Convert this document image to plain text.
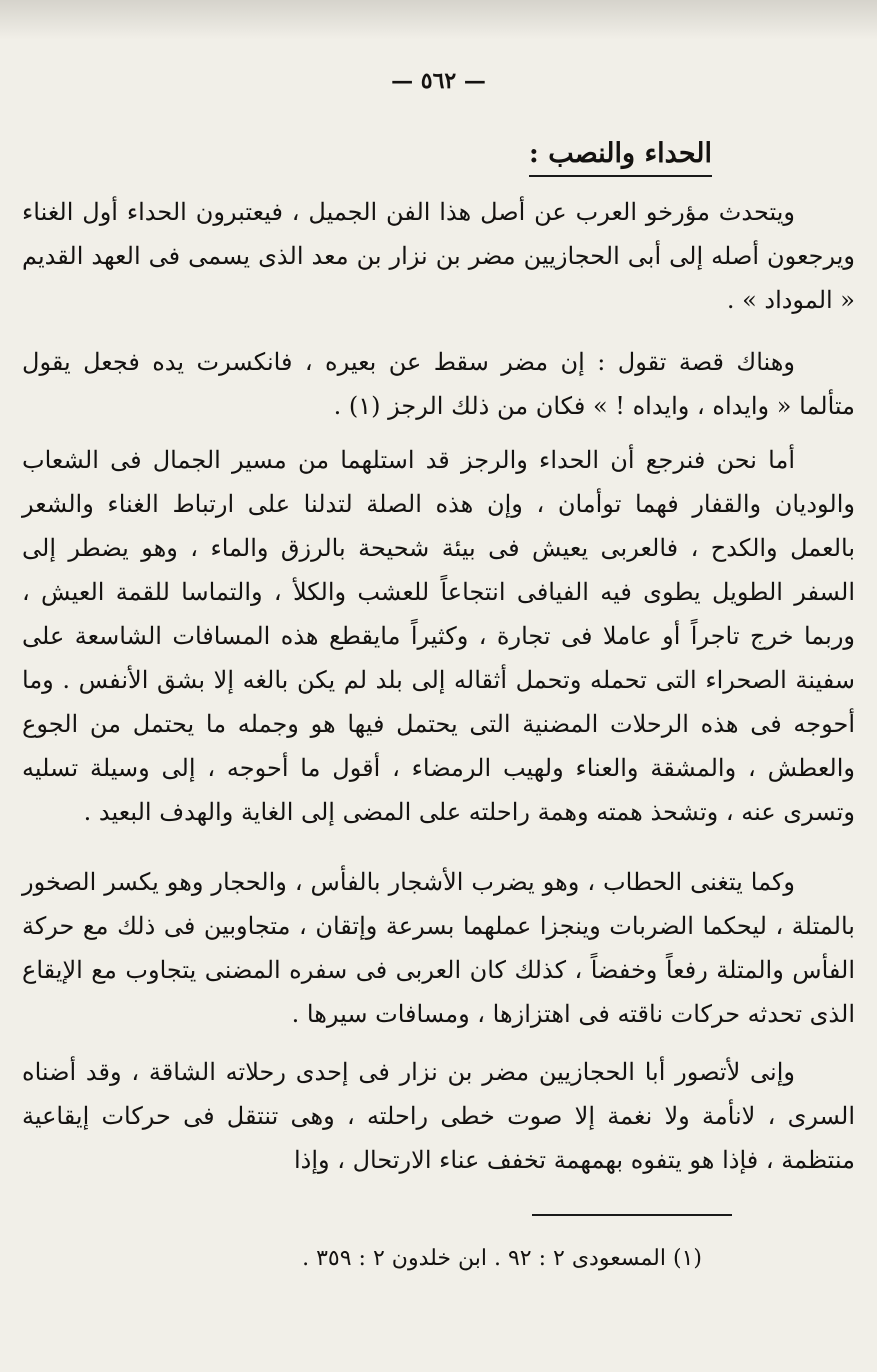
— ٥٦٢ —
الحداء والنصب :

ويتحدث مؤرخو العرب عن أصل هذا الفن الجميل ، فيعتبرون الحداء أول الغناء ويرجعون أصله إلى أبى الحجازيين مضر بن نزار بن معد الذى يسمى فى العهد القديم « الموداد » .

وهناك قصة تقول : إن مضر سقط عن بعيره ، فانكسرت يده فجعل يقول متألما « وايداه ، وايداه ! » فكان من ذلك الرجز (١) .

أما نحن فنرجع أن الحداء والرجز قد استلهما من مسير الجمال فى الشعاب والوديان والقفار فهما توأمان ، وإن هذه الصلة لتدلنا على ارتباط الغناء والشعر بالعمل والكدح ، فالعربى يعيش فى بيئة شحيحة بالرزق والماء ، وهو يضطر إلى السفر الطويل يطوى فيه الفيافى انتجاعاً للعشب والكلأ ، والتماسا للقمة العيش ، وربما خرج تاجراً أو عاملا فى تجارة ، وكثيراً مايقطع هذه المسافات الشاسعة على سفينة الصحراء التى تحمله وتحمل أثقاله إلى بلد لم يكن بالغه إلا بشق الأنفس . وما أحوجه فى هذه الرحلات المضنية التى يحتمل فيها هو وجمله ما يحتمل من الجوع والعطش ، والمشقة والعناء ولهيب الرمضاء ، أقول ما أحوجه ، إلى وسيلة تسليه وتسرى عنه ، وتشحذ همته وهمة راحلته على المضى إلى الغاية والهدف البعيد .

وكما يتغنى الحطاب ، وهو يضرب الأشجار بالفأس ، والحجار وهو يكسر الصخور بالمتلة ، ليحكما الضربات وينجزا عملهما بسرعة وإتقان ، متجاوبين فى ذلك مع حركة الفأس والمتلة رفعاً وخفضاً ، كذلك كان العربى فى سفره المضنى يتجاوب مع الإيقاع الذى تحدثه حركات ناقته فى اهتزازها ، ومسافات سيرها .

وإنى لأتصور أبا الحجازيين مضر بن نزار فى إحدى رحلاته الشاقة ، وقد أضناه السرى ، لانأمة ولا نغمة إلا صوت خطى راحلته ، وهى تنتقل فى حركات إيقاعية منتظمة ، فإذا هو يتفوه بهمهمة تخفف عناء الارتحال ، وإذا

(١) المسعودى ٢ : ٩٢ . ابن خلدون ٢ : ٣٥٩ .
